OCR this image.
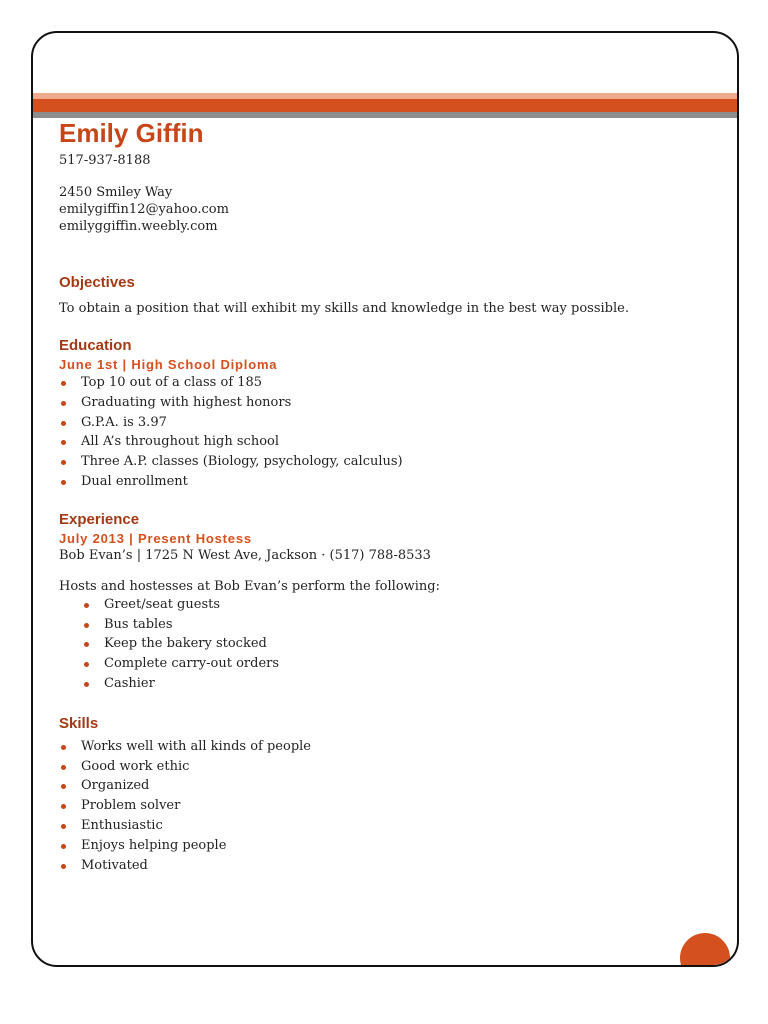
Emily Giffin
517-937-8188
2450 Smiley Way
emilygiffin12@yahoo.com
emilyggiffin.weebly.com
Objectives
To obtain a position that will exhibit my skills and knowledge in the best way possible.
Education
June 1st | High School Diploma
Top 10 out of a class of 185
Graduating with highest honors
G.P.A. is 3.97
All A’s throughout high school
Three A.P. classes (Biology, psychology, calculus)
Dual enrollment
Experience
July 2013 | Present Hostess
Bob Evan’s | 1725 N West Ave, Jackson · (517) 788-8533
Hosts and hostesses at Bob Evan’s perform the following:
Greet/seat guests
Bus tables
Keep the bakery stocked
Complete carry-out orders
Cashier
Skills
Works well with all kinds of people
Good work ethic
Organized
Problem solver
Enthusiastic
Enjoys helping people
Motivated
